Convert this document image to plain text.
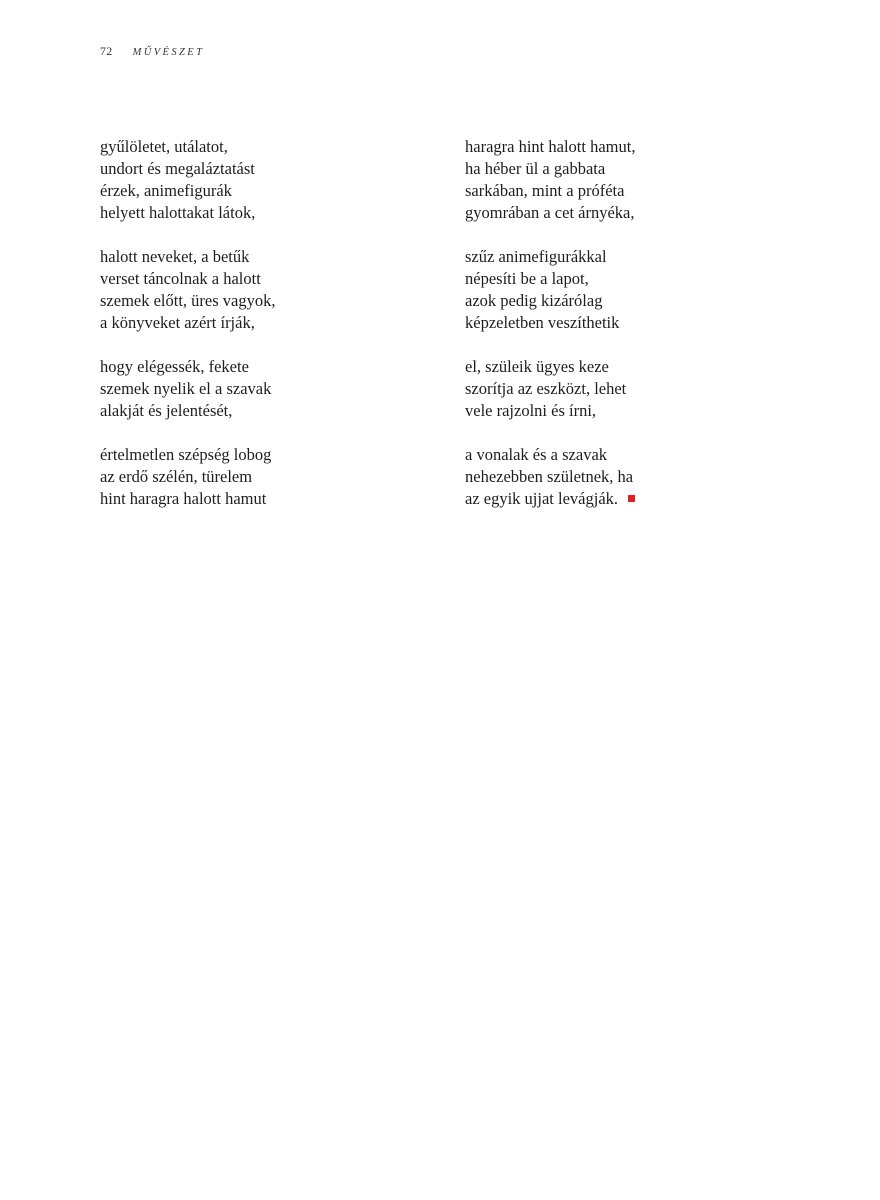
72 MŰVÉSZET

gyűlöletet, utálatot,
undort és megaláztatást
érzek, animefigurák
helyett halottakat látok,

halott neveket, a betűk
verset táncolnak a halott
szemek előtt, üres vagyok,
a könyveket azért írják,

hogy elégessék, fekete
szemek nyelik el a szavak
alakját és jelentését,

értelmetlen szépség lobog
az erdő szélén, türelem
hint haragra halott hamut

haragra hint halott hamut,
ha héber ül a gabbata
sarkában, mint a próféta
gyomrában a cet árnyéka,

szűz animefigurákkal
népesíti be a lapot,
azok pedig kizárólag
képzeletben veszíthetik

el, szüleik ügyes keze
szorítja az eszközt, lehet
vele rajzolni és írni,

a vonalak és a szavak
nehezebben születnek, ha
az egyik ujjat levágják.
